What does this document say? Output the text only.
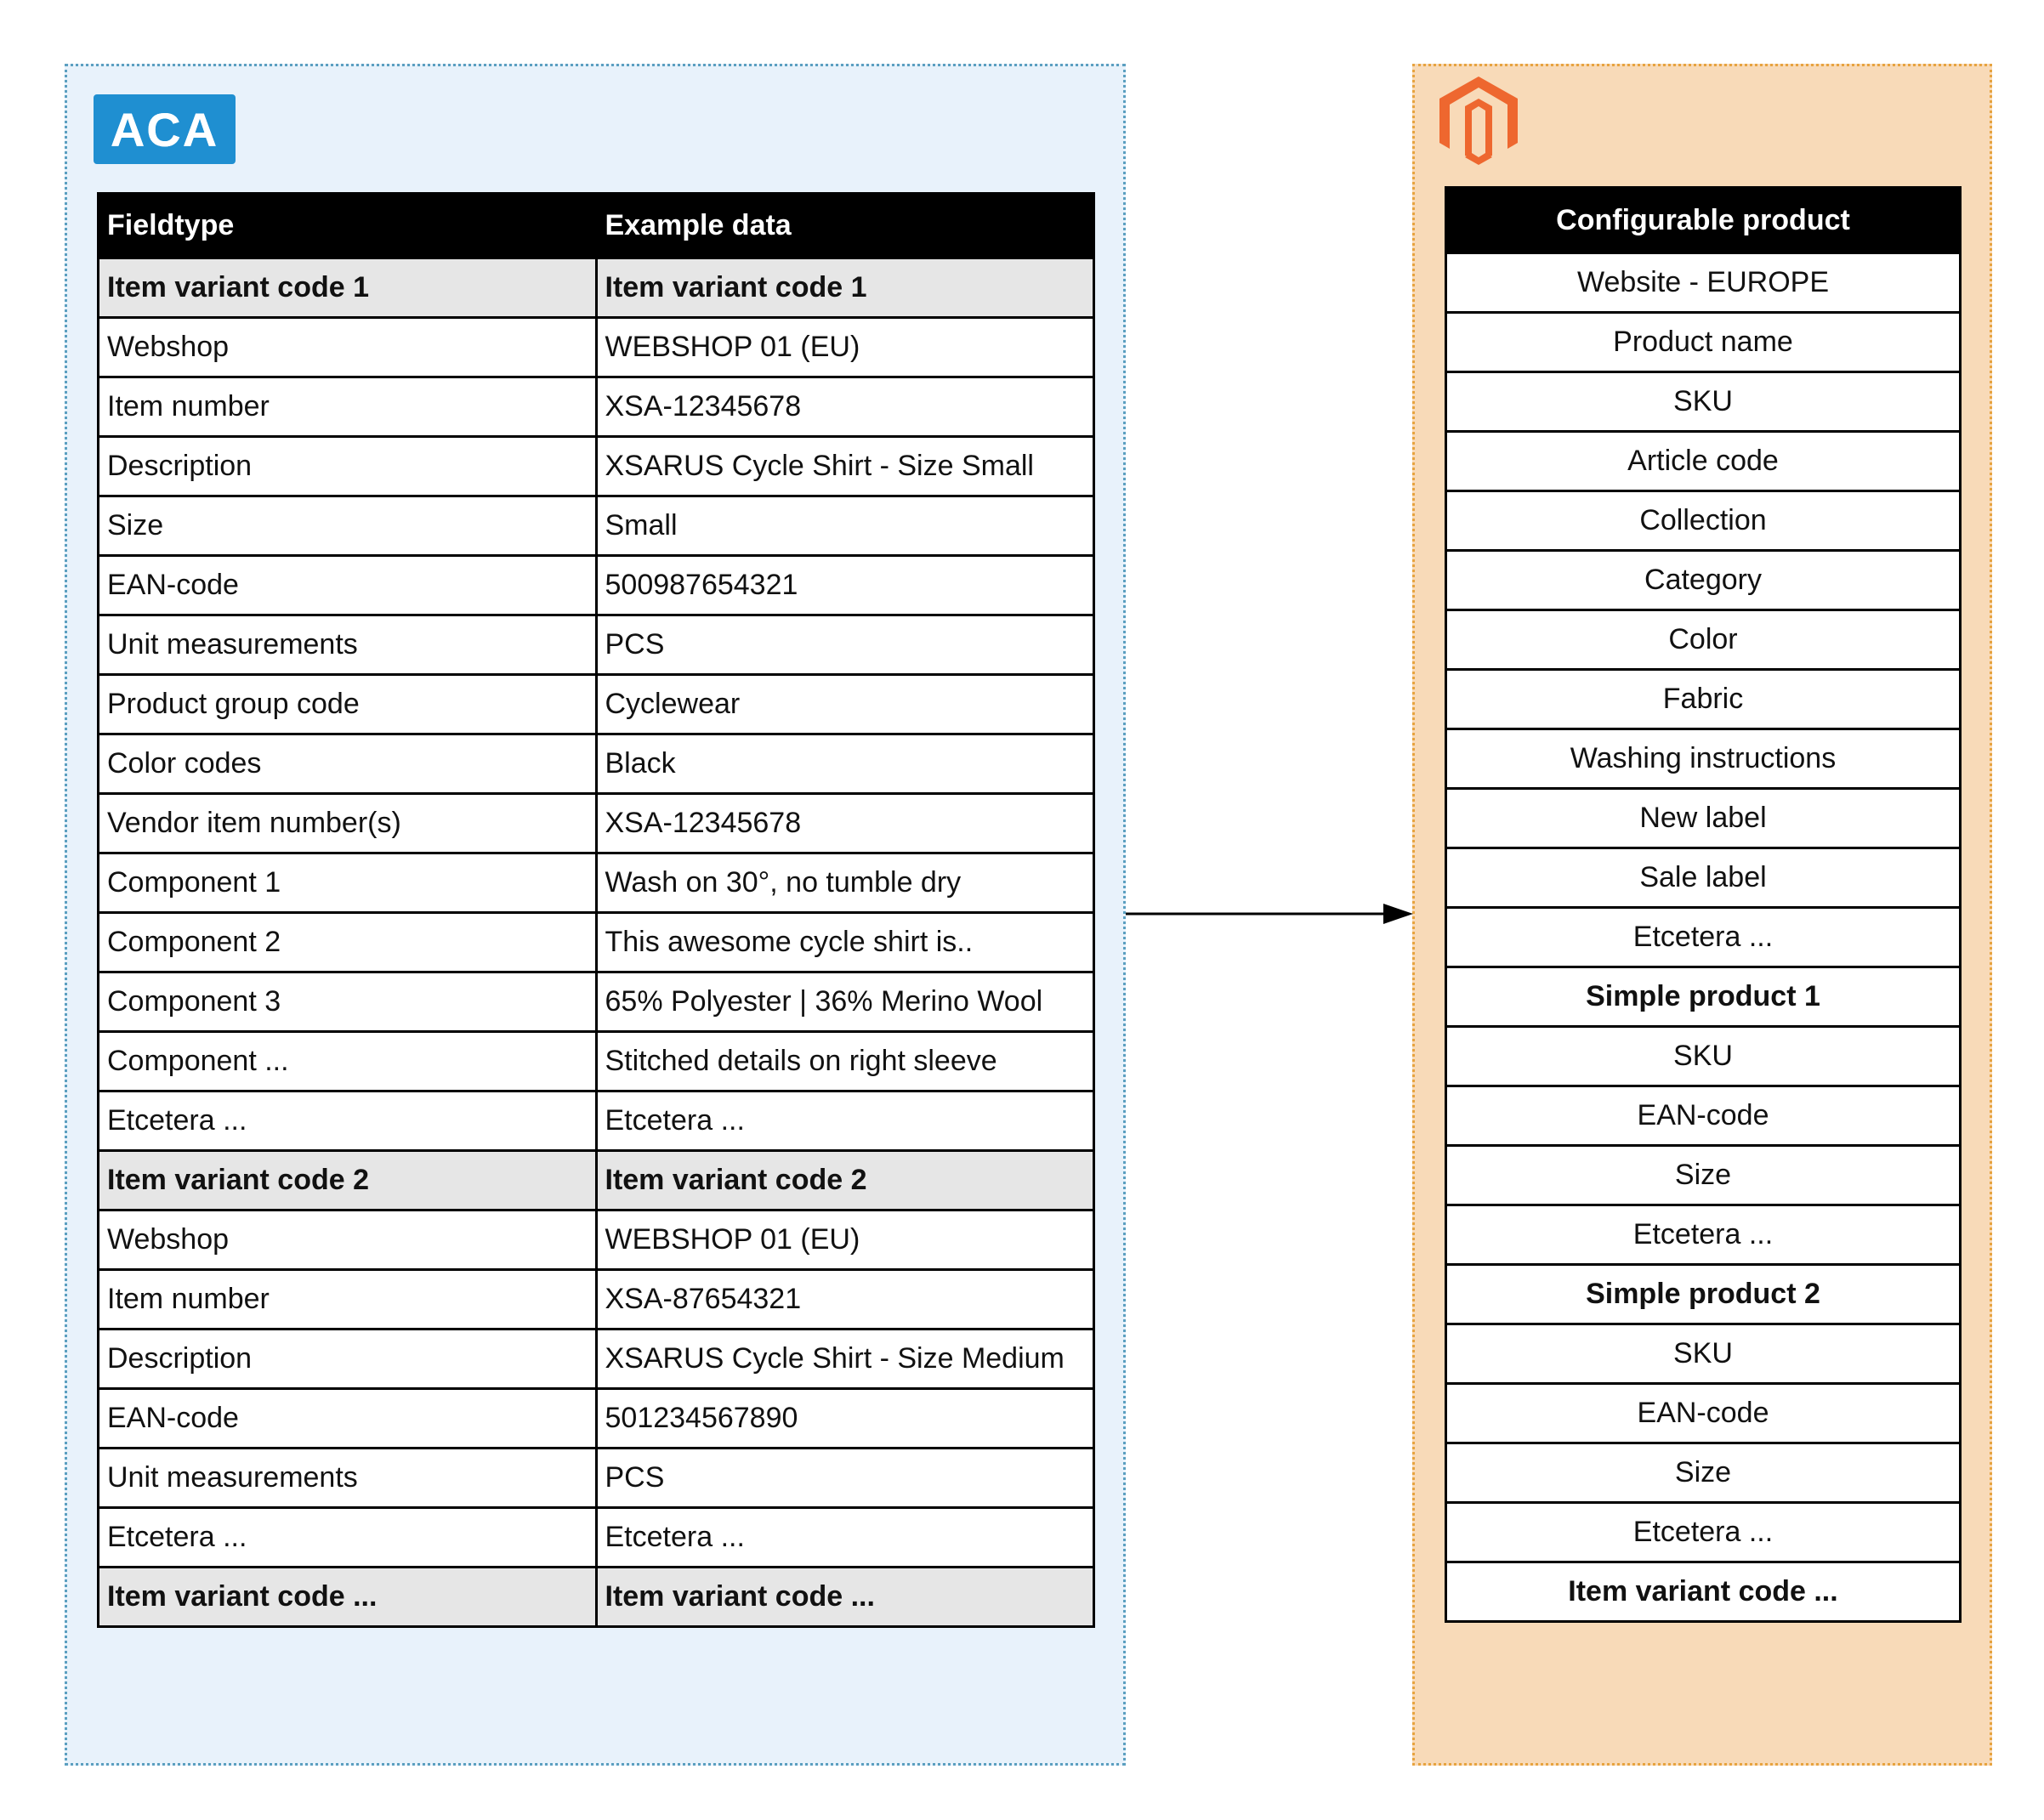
ACA
Fieldtype	Example data
Item variant code 1	Item variant code 1
Webshop	WEBSHOP 01 (EU)
Item number	XSA-12345678
Description	XSARUS Cycle Shirt - Size Small
Size	Small
EAN-code	500987654321
Unit measurements	PCS
Product group code	Cyclewear
Color codes	Black
Vendor item number(s)	XSA-12345678
Component 1	Wash on 30°, no tumble dry
Component 2	This awesome cycle shirt is..
Component 3	65% Polyester | 36% Merino Wool
Component ...	Stitched details on right sleeve
Etcetera ...	Etcetera ...
Item variant code 2	Item variant code 2
Webshop	WEBSHOP 01 (EU)
Item number	XSA-87654321
Description	XSARUS Cycle Shirt - Size Medium
EAN-code	501234567890
Unit measurements	PCS
Etcetera ...	Etcetera ...
Item variant code ...	Item variant code ...
Configurable product
Website - EUROPE
Product name
SKU
Article code
Collection
Category
Color
Fabric
Washing instructions
New label
Sale label
Etcetera ...
Simple product 1
SKU
EAN-code
Size
Etcetera ...
Simple product 2
SKU
EAN-code
Size
Etcetera ...
Item variant code ...
